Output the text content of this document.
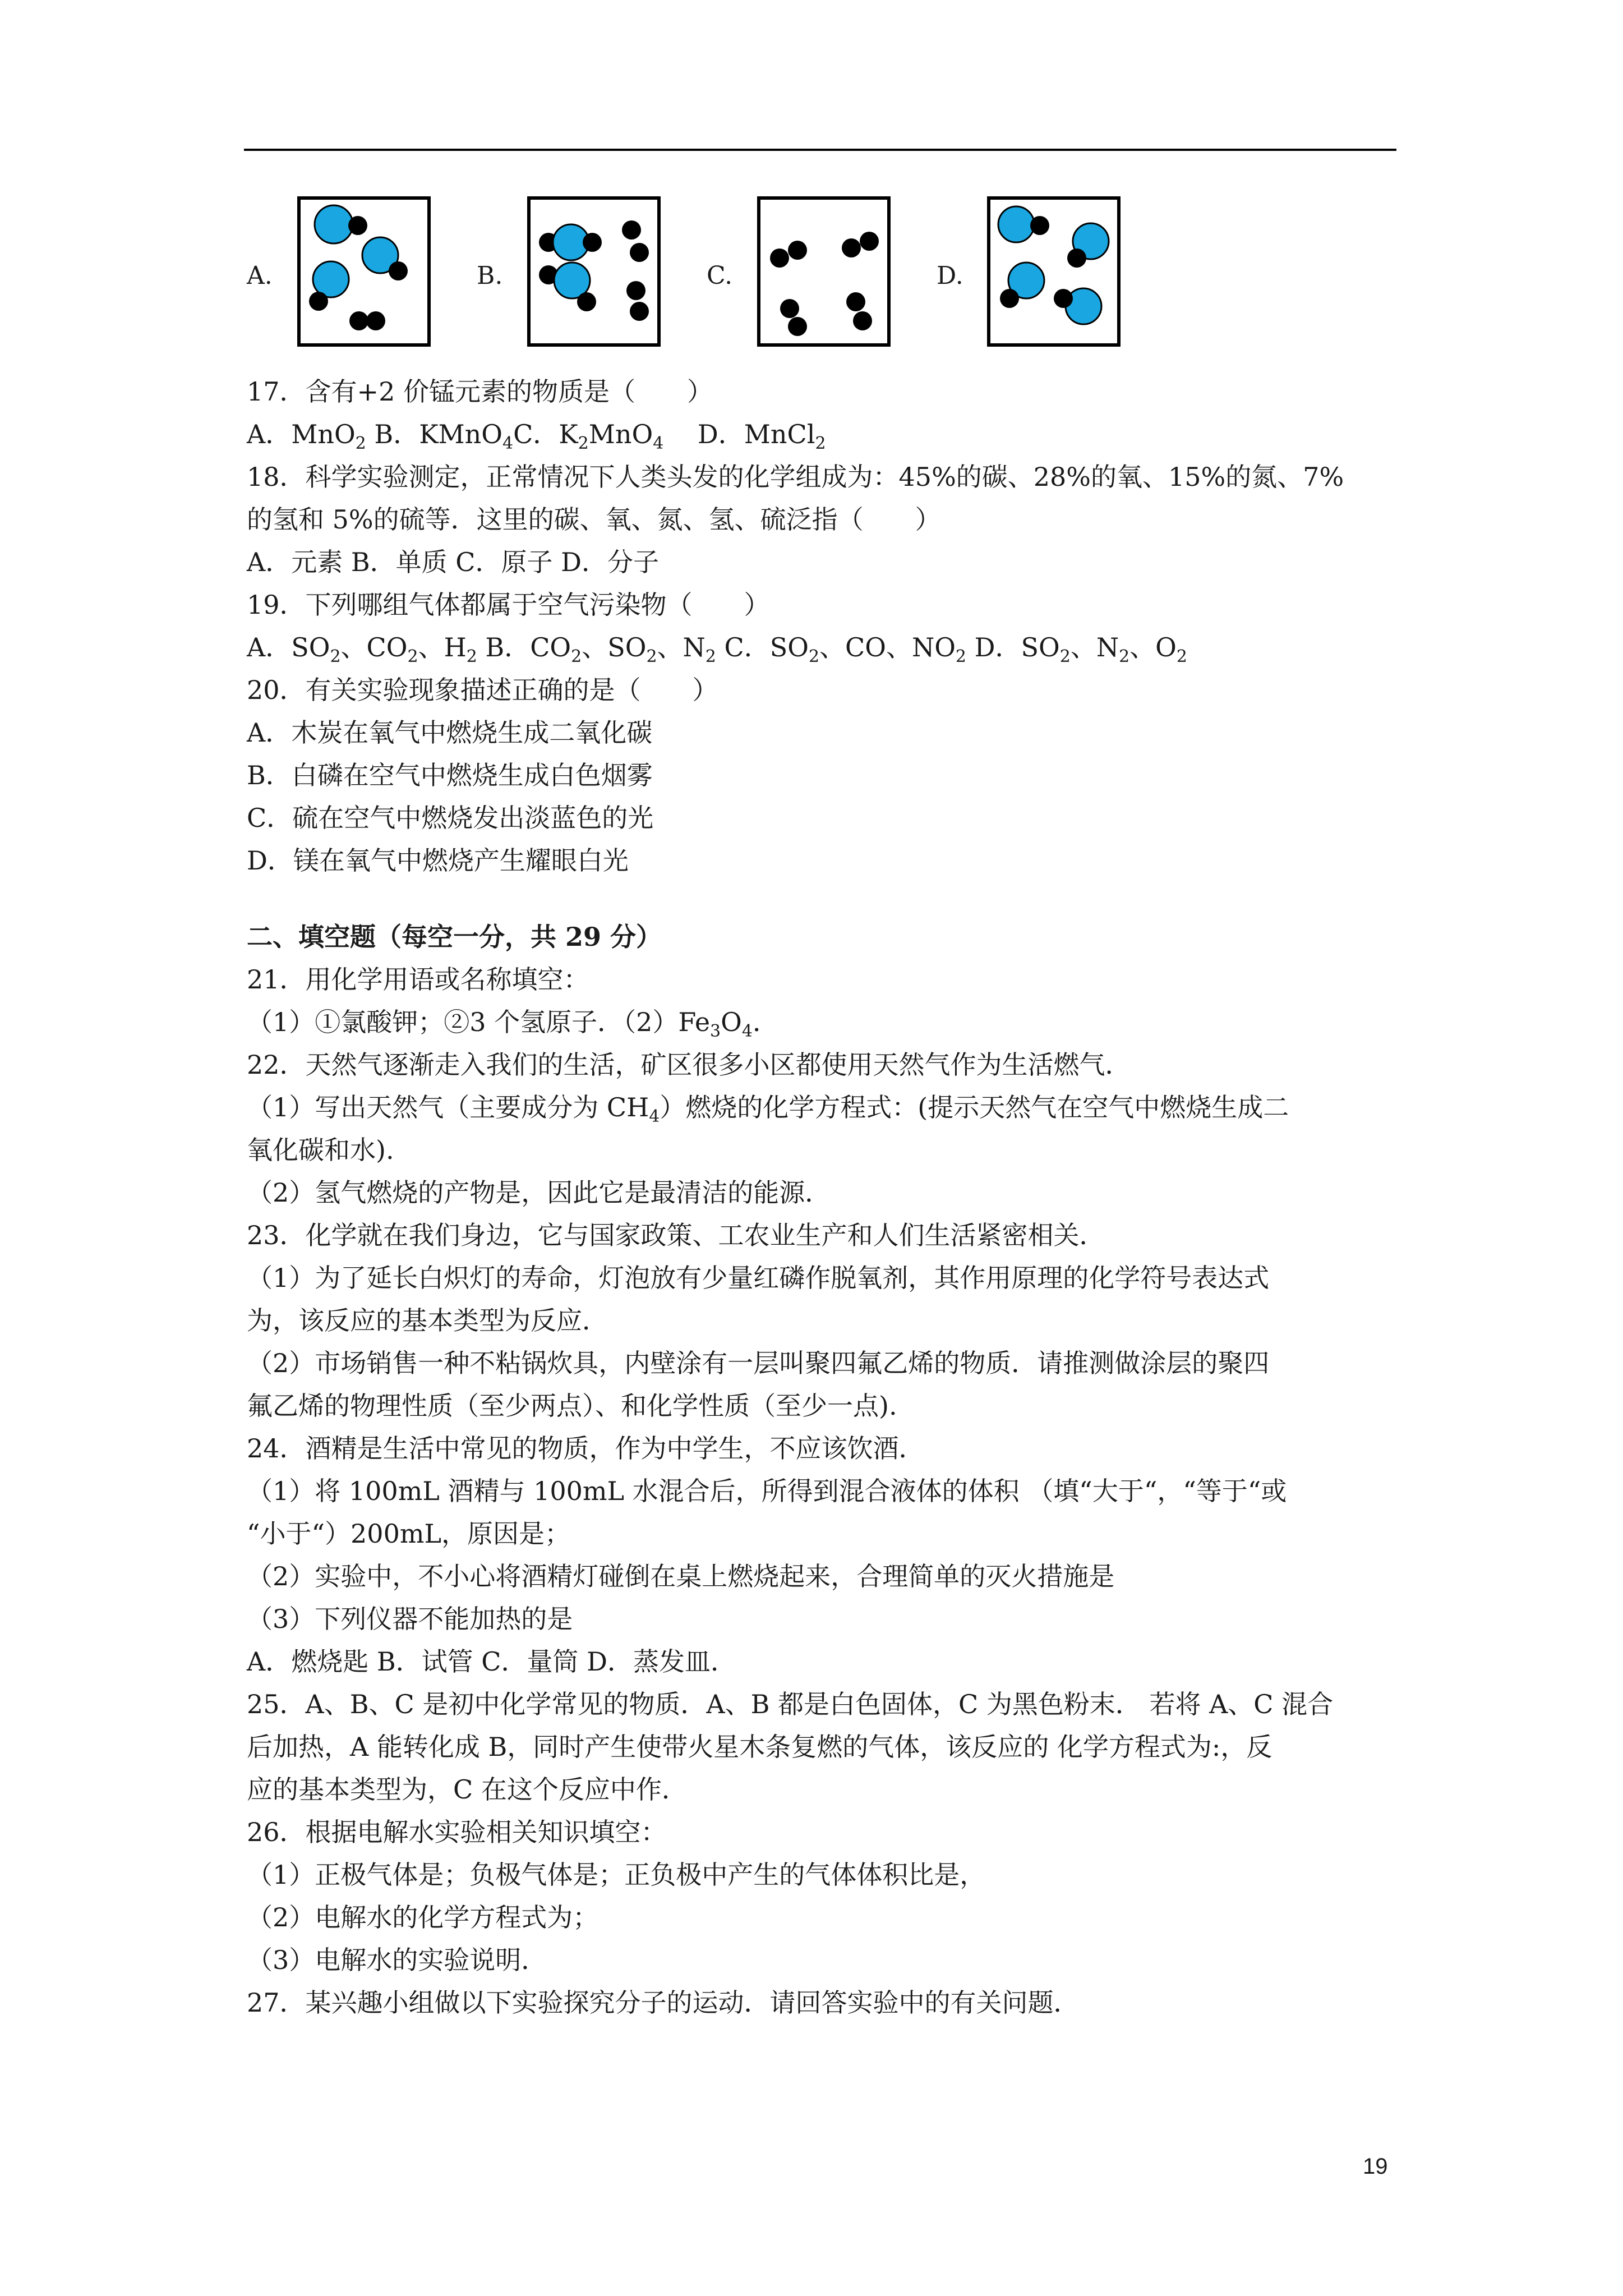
A.	B.	C.	D.
17．含有+2 价锰元素的物质是（　　）
A．MnO$_2$ B．KMnO$_4$C．$K_2MnO_4$　 D．MnCl$_2$
18．科学实验测定，正常情况下人类头发的化学组成为：45%的碳、28%的氧、15%的氮、7%
的氢和 5%的硫等．这里的碳、氧、氮、氢、硫泛指（　　）
A．元素 B．单质 C．原子 D．分子
19．下列哪组气体都属于空气污染物（　　）
A．$SO_2$、$CO_2$、$H_2$ B．$CO_2$、$SO_2$、$N_2$ C．$SO_2$、CO、$NO_2$ D．$SO_2$、$N_2$、$O_2$
20．有关实验现象描述正确的是（　　）
A．木炭在氧气中燃烧生成二氧化碳
B．白磷在空气中燃烧生成白色烟雾
C．硫在空气中燃烧发出淡蓝色的光
D．镁在氧气中燃烧产生耀眼白光
二、填空题（每空一分，共 29 分）
21．用化学用语或名称填空：
（1）①氯酸钾；②3 个氢原子．$(2)Fe_3O_4$．
22．天然气逐渐走入我们的生活，矿区很多小区都使用天然气作为生活燃气．
（1）写出天然气（主要成分为 $CH_4$）燃烧的化学方程式：(提示天然气在空气中燃烧生成二
氧化碳和水).
（2）氢气燃烧的产物是，因此它是最清洁的能源．
23．化学就在我们身边，它与国家政策、工农业生产和人们生活紧密相关．
（1）为了延长白炽灯的寿命，灯泡放有少量红磷作脱氧剂，其作用原理的化学符号表达式
为，该反应的基本类型为反应．
（2）市场销售一种不粘锅炊具，内壁涂有一层叫聚四氟乙烯的物质．请推测做涂层的聚四
氟乙烯的物理性质（至少两点）、和化学性质（至少一点).
24．酒精是生活中常见的物质，作为中学生，不应该饮酒．
（1）将 100mL 酒精与 100mL 水混合后，所得到混合液体的体积 （填“大于“，“等于“或
“小于“）200mL，原因是；
（2）实验中，不小心将酒精灯碰倒在桌上燃烧起来，合理简单的灭火措施是
（3）下列仪器不能加热的是
A．燃烧匙 B．试管 C．量筒 D．蒸发皿．
25．A、B、C 是初中化学常见的物质．A、B 都是白色固体，C 为黑色粉末． 若将 A、C 混合
后加热，A 能转化成 B，同时产生使带火星木条复燃的气体，该反应的 化学方程式为:，反
应的基本类型为，C 在这个反应中作．
26．根据电解水实验相关知识填空：
（1）正极气体是；负极气体是；正负极中产生的气体体积比是，
（2）电解水的化学方程式为；
（3）电解水的实验说明．
27．某兴趣小组做以下实验探究分子的运动．请回答实验中的有关问题．
19
